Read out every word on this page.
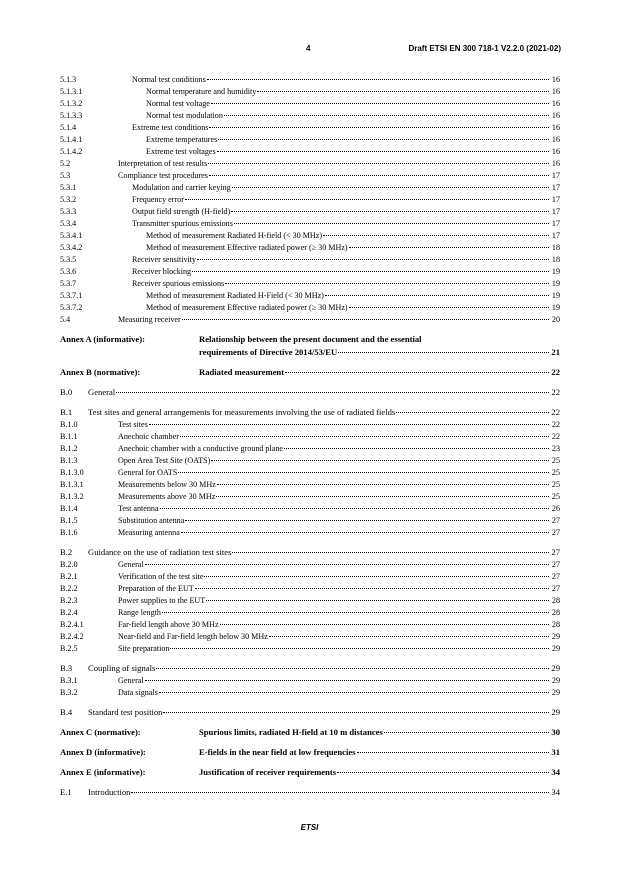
4	Draft ETSI EN 300 718-1 V2.2.0 (2021-02)
5.1.3	Normal test conditions	16
5.1.3.1	Normal temperature and humidity	16
5.1.3.2	Normal test voltage	16
5.1.3.3	Normal test modulation	16
5.1.4	Extreme test conditions	16
5.1.4.1	Extreme temperatures	16
5.1.4.2	Extreme test voltages	16
5.2	Interpretation of test results	16
5.3	Compliance test procedures	17
5.3.1	Modulation and carrier keying	17
5.3.2	Frequency error	17
5.3.3	Output field strength (H-field)	17
5.3.4	Transmitter spurious emissions	17
5.3.4.1	Method of measurement Radiated H-field (< 30 MHz)	17
5.3.4.2	Method of measurement Effective radiated power (≥ 30 MHz)	18
5.3.5	Receiver sensitivity	18
5.3.6	Receiver blocking	19
5.3.7	Receiver spurious emissions	19
5.3.7.1	Method of measurement Radiated H-Field (< 30 MHz)	19
5.3.7.2	Method of measurement Effective radiated power (≥ 30 MHz)	19
5.4	Measuring receiver	20
Annex A (informative):	Relationship between the present document and the essential
requirements of Directive 2014/53/EU	21
Annex B (normative):	Radiated measurement	22
B.0	General	22
B.1	Test sites and general arrangements for measurements involving the use of radiated fields	22
B.1.0	Test sites	22
B.1.1	Anechoic chamber	22
B.1.2	Anechoic chamber with a conductive ground plane	23
B.1.3	Open Area Test Site (OATS)	25
B.1.3.0	General for OATS	25
B.1.3.1	Measurements below 30 MHz	25
B.1.3.2	Measurements above 30 MHz	25
B.1.4	Test antenna	26
B.1.5	Substitution antenna	27
B.1.6	Measuring antenna	27
B.2	Guidance on the use of radiation test sites	27
B.2.0	General	27
B.2.1	Verification of the test site	27
B.2.2	Preparation of the EUT	27
B.2.3	Power supplies to the EUT	28
B.2.4	Range length	28
B.2.4.1	Far-field length above 30 MHz	28
B.2.4.2	Near-field and Far-field length below 30 MHz	29
B.2.5	Site preparation	29
B.3	Coupling of signals	29
B.3.1	General	29
B.3.2	Data signals	29
B.4	Standard test position	29
Annex C (normative):	Spurious limits, radiated H-field at 10 m distances	30
Annex D (informative):	E-fields in the near field at low frequencies	31
Annex E (informative):	Justification of receiver requirements	34
E.1	Introduction	34
ETSI
